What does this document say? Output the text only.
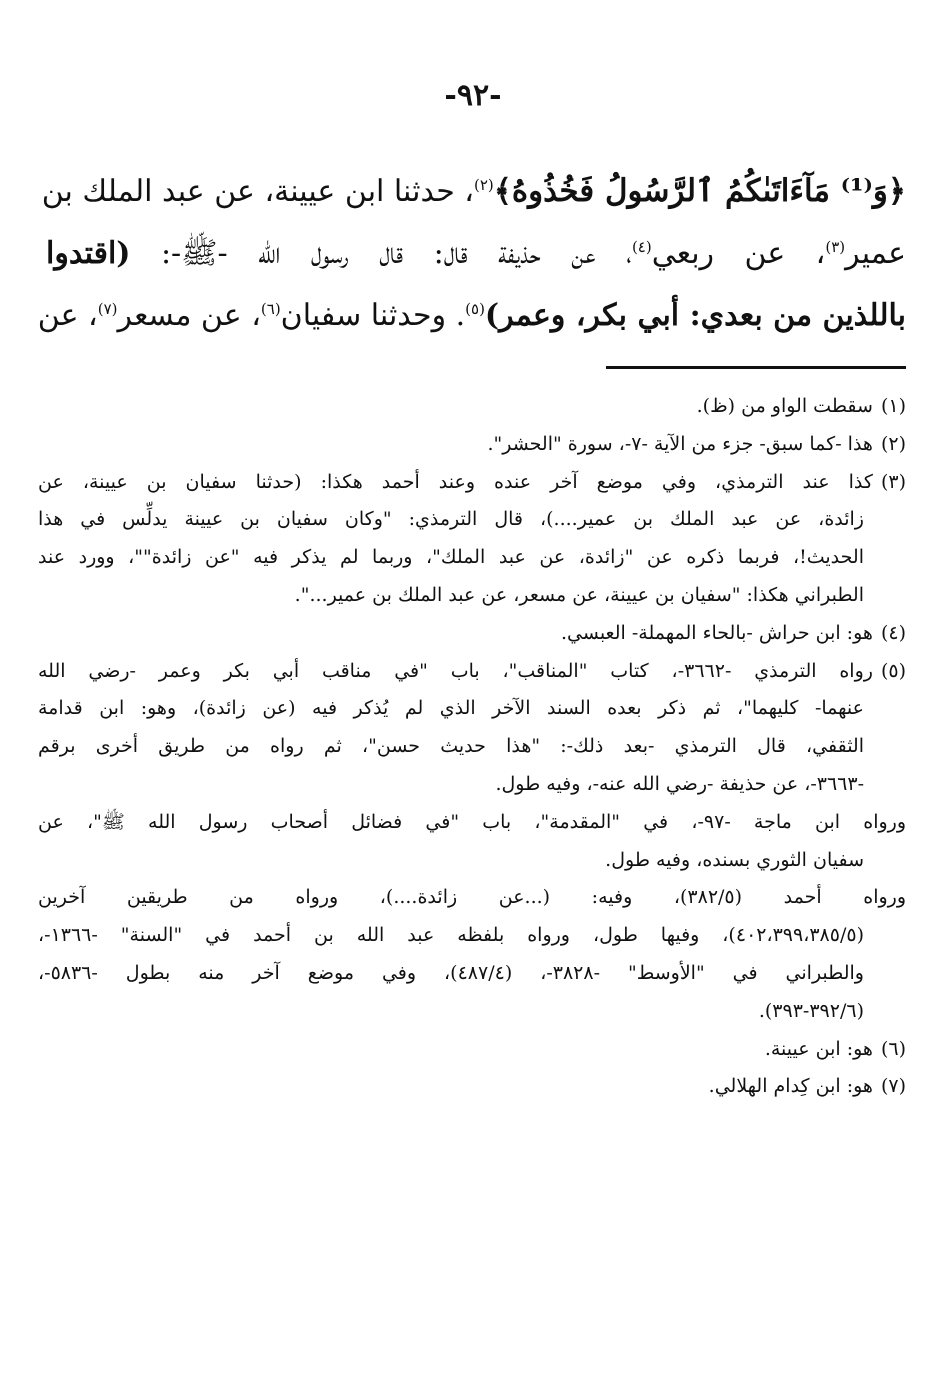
-٩٢-
﴿وَ⁽¹⁾ مَآءَاتَىٰكُمُ ٱلرَّسُولُ فَخُذُوهُ﴾$^{(٢)}$، حدثنا ابن عيينة، عن عبد الملك بن
عمير$^{(٣)}$، عن ربعي$^{(٤)}$، عن حذيفة قال: قال رسول الله -ﷺ-: (اقتدوا
باللذين من بعدي: أبي بكر، وعمر)$^{(٥)}$. وحدثنا سفيان$^{(٦)}$، عن مسعر$^{(٧)}$، عن
(١)سقطت الواو من (ظ).
(٢)هذا -كما سبق- جزء من الآية -٧-، سورة "الحشر".
(٣)كذا عند الترمذي، وفي موضع آخر عنده وعند أحمد هكذا: (حدثنا سفيان بن عيينة، عن
زائدة، عن عبد الملك بن عمير....)، قال الترمذي: "وكان سفيان بن عيينة يدلِّس في هذا
الحديث!، فربما ذكره عن "زائدة، عن عبد الملك"، وربما لم يذكر فيه "عن زائدة""، وورد عند
الطبراني هكذا: "سفيان بن عيينة، عن مسعر، عن عبد الملك بن عمير...".
(٤)هو: ابن حراش -بالحاء المهملة- العبسي.
(٥)رواه الترمذي -٣٦٦٢-، كتاب "المناقب"، باب "في مناقب أبي بكر وعمر -رضي الله
عنهما- كليهما"، ثم ذكر بعده السند الآخر الذي لم يُذكر فيه (عن زائدة)، وهو: ابن قدامة
الثقفي، قال الترمذي -بعد ذلك-: "هذا حديث حسن"، ثم رواه من طريق أخرى برقم
-٣٦٦٣-، عن حذيفة -رضي الله عنه-، وفيه طول.
ورواه ابن ماجة -٩٧-، في "المقدمة"، باب "في فضائل أصحاب رسول الله ﷺ"، عن
سفيان الثوري بسنده، وفيه طول.
ورواه أحمد (٣٨٢/٥)، وفيه: (...عن زائدة....)، ورواه من طريقين آخرين
(٤٠٢،٣٩٩،٣٨٥/٥)، وفيها طول، ورواه بلفظه عبد الله بن أحمد في "السنة" -١٣٦٦-،
والطبراني في "الأوسط" -٣٨٢٨-، (٤٨٧/٤)، وفي موضع آخر منه بطول -٥٨٣٦-،
(٣٩٢/٦-٣٩٣).
(٦)هو: ابن عيينة.
(٧)هو: ابن كِدام الهلالي.
